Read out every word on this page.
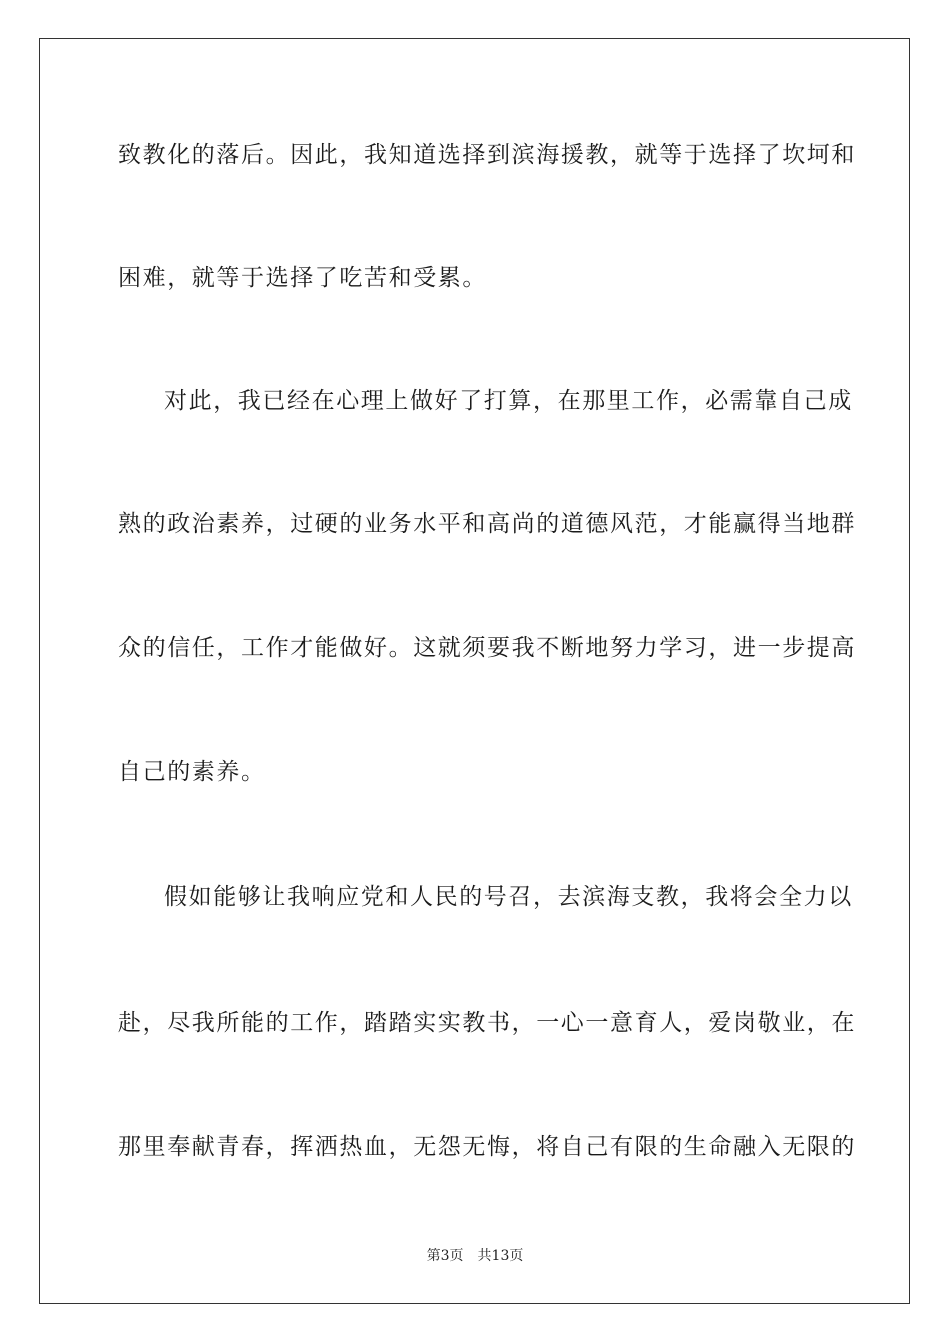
致教化的落后。因此，我知道选择到滨海援教，就等于选择了坎坷和
困难，就等于选择了吃苦和受累。
对此，我已经在心理上做好了打算，在那里工作，必需靠自己成
熟的政治素养，过硬的业务水平和高尚的道德风范，才能赢得当地群
众的信任，工作才能做好。这就须要我不断地努力学习，进一步提高
自己的素养。
假如能够让我响应党和人民的号召，去滨海支教，我将会全力以
赴，尽我所能的工作，踏踏实实教书，一心一意育人，爱岗敬业，在
那里奉献青春，挥洒热血，无怨无悔，将自己有限的生命融入无限的
第3页 共13页
